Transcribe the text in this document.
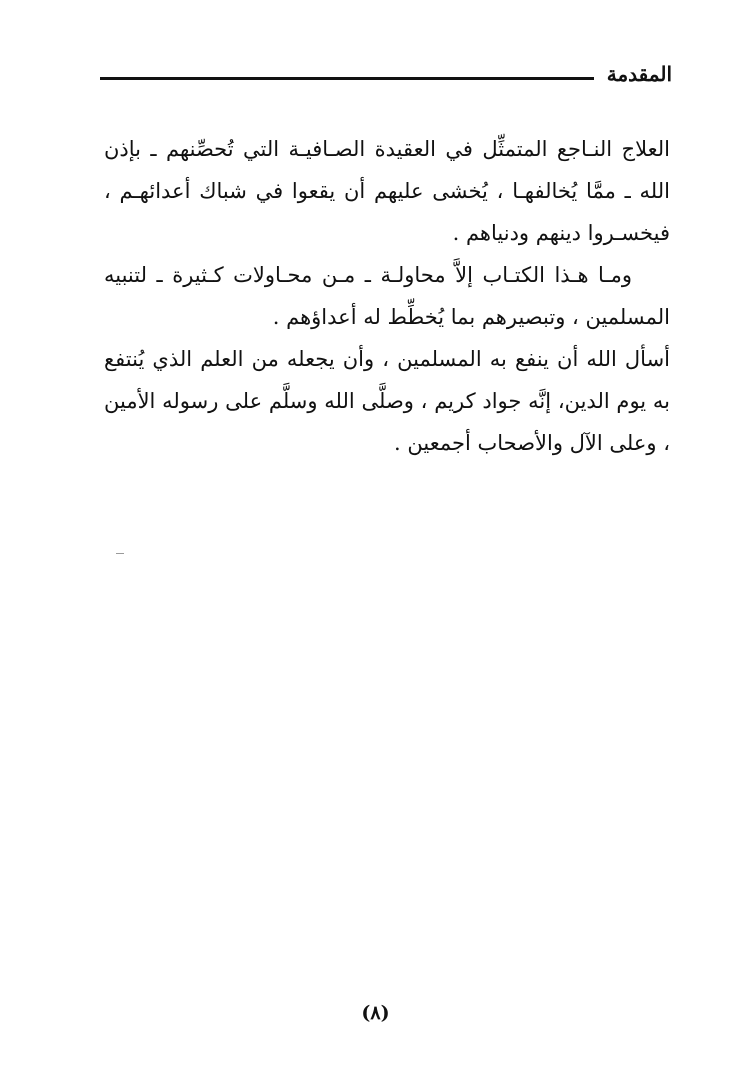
المقدمة

العلاج النـاجع المتمثِّل في العقيدة الصـافيـة التي تُحصِّنهم ـ بإذن الله ـ ممَّا يُخالفهـا ، يُخشى عليهم أن يقعوا في شباك أعدائهـم ، فيخسـروا دينهم ودنياهم .

ومـا هـذا الكتـاب إلاَّ محاولـة ـ مـن محـاولات كـثيرة ـ لتنبيه المسلمين ، وتبصيرهم بما يُخطِّط له أعداؤهم .

أسأل الله أن ينفع به المسلمين ، وأن يجعله من العلم الذي يُنتفع به يوم الدين، إنَّه جواد كريم ، وصلَّى الله وسلَّم على رسوله الأمين ، وعلى الآل والأصحاب أجمعين .

(٨)
